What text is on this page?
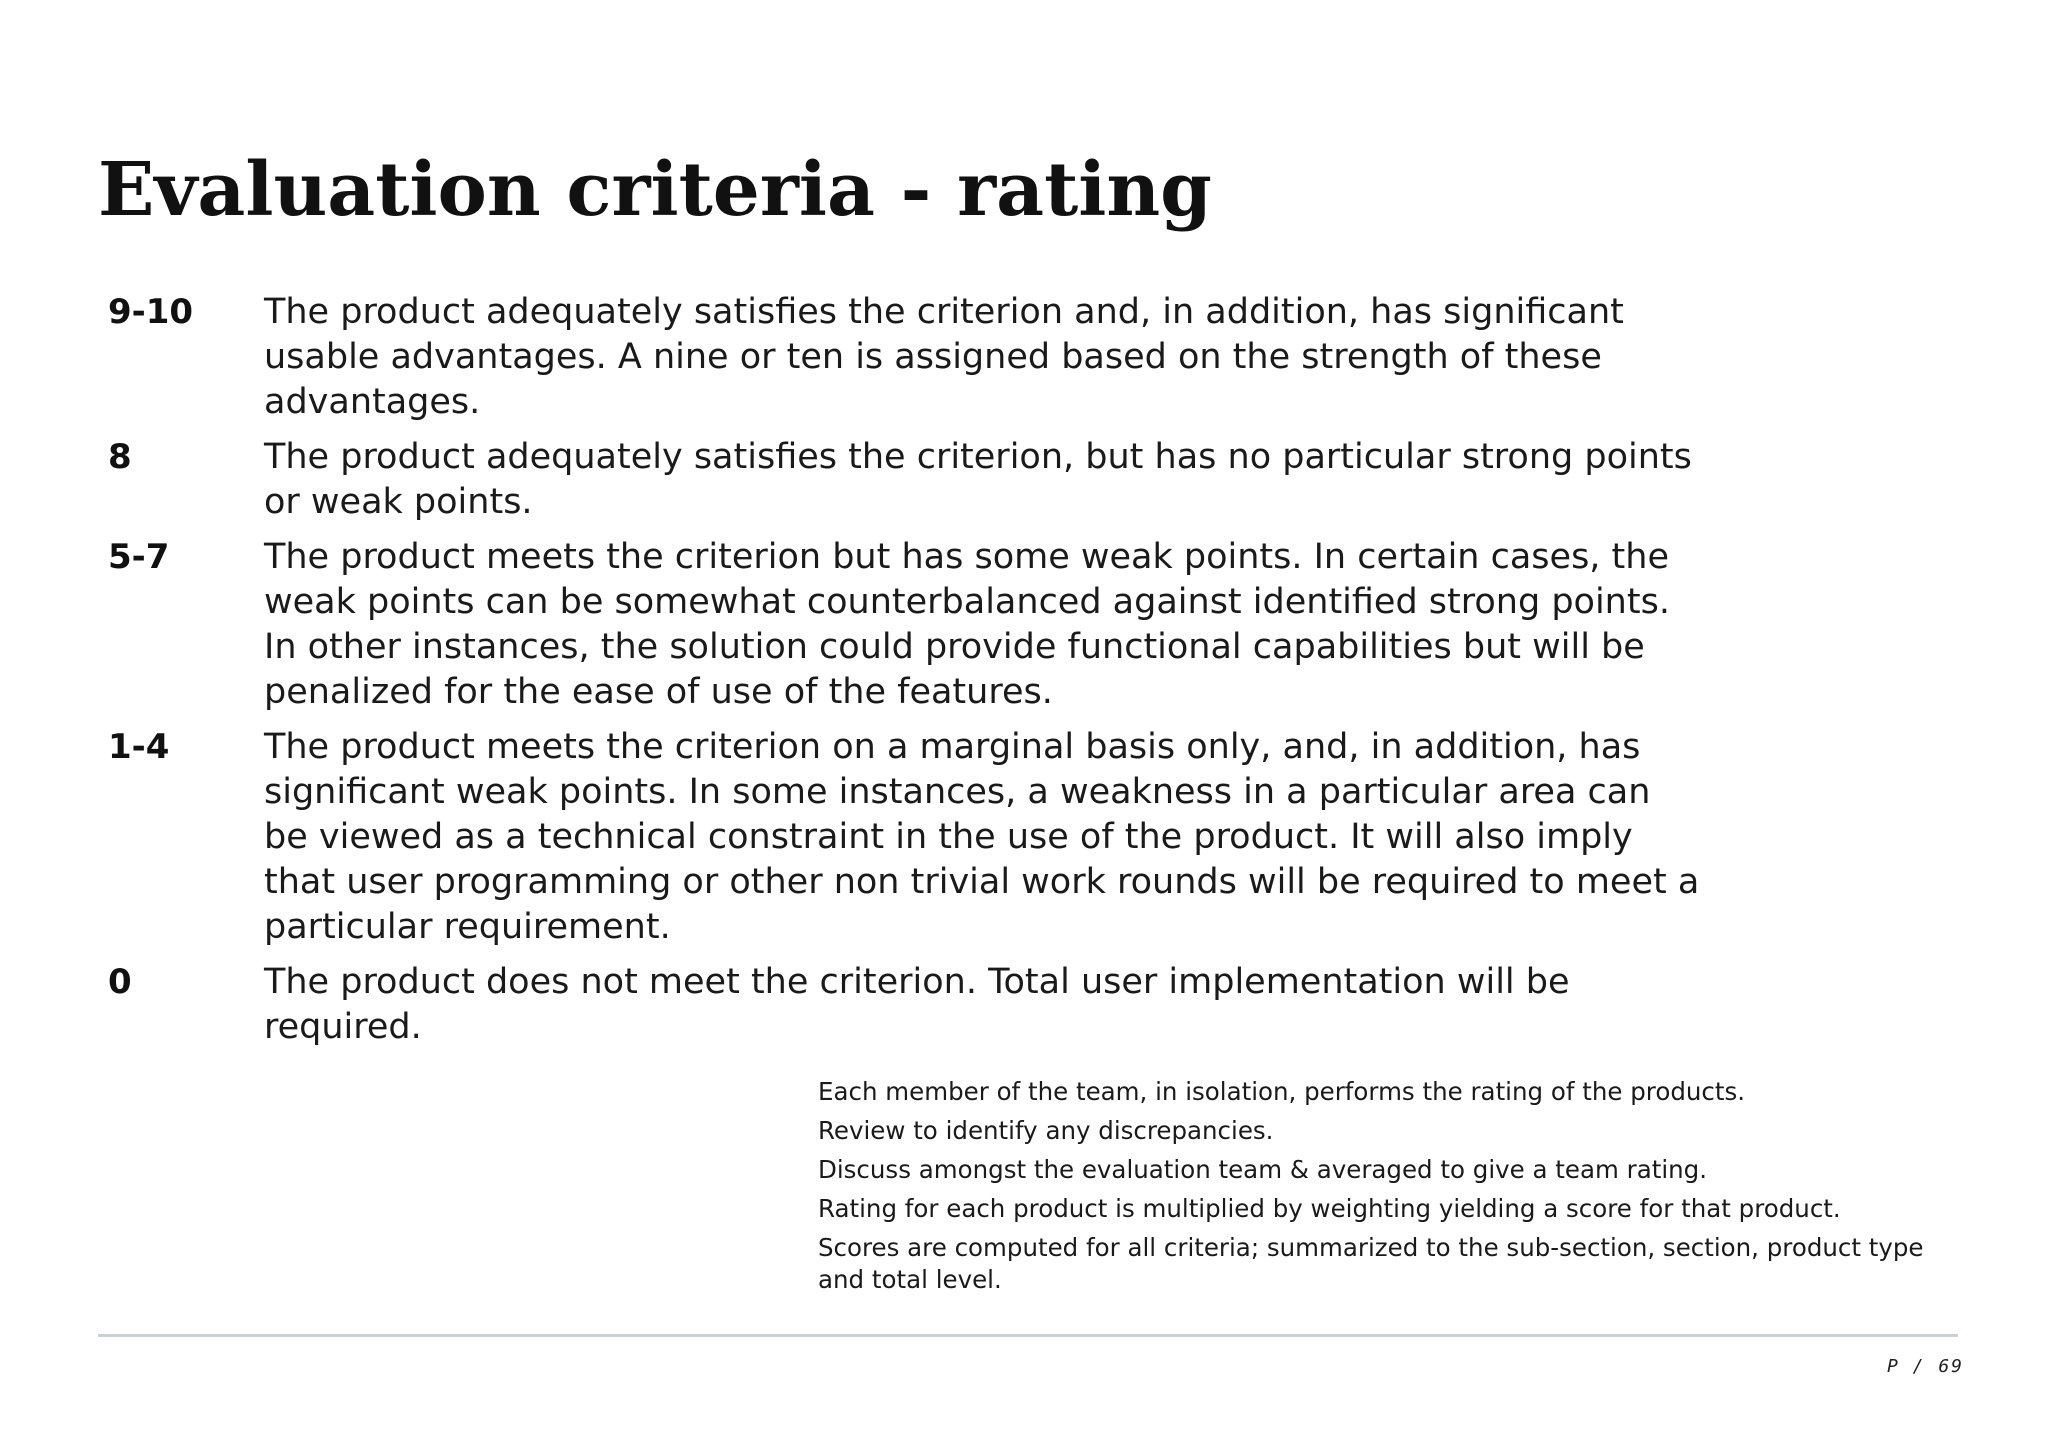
Evaluation criteria - rating
9-10	The product adequately satisfies the criterion and, in addition, has significant
usable advantages. A nine or ten is assigned based on the strength of these
advantages.
8	The product adequately satisfies the criterion, but has no particular strong points
or weak points.
5-7	The product meets the criterion but has some weak points. In certain cases, the
weak points can be somewhat counterbalanced against identified strong points.
In other instances, the solution could provide functional capabilities but will be
penalized for the ease of use of the features.
1-4	The product meets the criterion on a marginal basis only, and, in addition, has
significant weak points. In some instances, a weakness in a particular area can
be viewed as a technical constraint in the use of the product. It will also imply
that user programming or other non trivial work rounds will be required to meet a
particular requirement.
0	The product does not meet the criterion. Total user implementation will be
required.

Each member of the team, in isolation, performs the rating of the products.

Review to identify any discrepancies.

Discuss amongst the evaluation team & averaged to give a team rating.

Rating for each product is multiplied by weighting yielding a score for that product.

Scores are computed for all criteria; summarized to the sub-section, section, product type
and total level.

P / 69
